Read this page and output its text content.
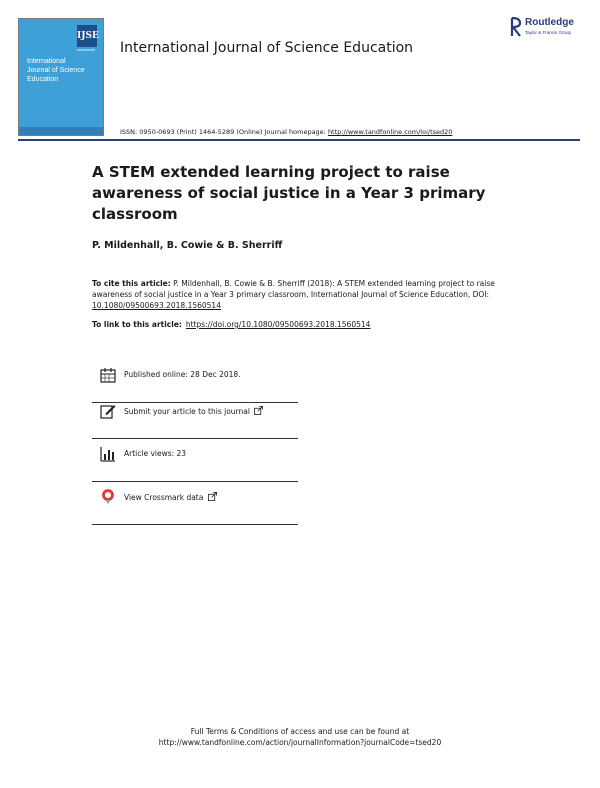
IJSE
International Journal of Science Education
International Journal of Science Education
Routledge
Taylor & Francis Group
ISSN: 0950-0693 (Print) 1464-5289 (Online) Journal homepage: http://www.tandfonline.com/loi/tsed20
A STEM extended learning project to raise awareness of social justice in a Year 3 primary classroom
P. Mildenhall, B. Cowie & B. Sherriff
To cite this article: P. Mildenhall, B. Cowie & B. Sherriff (2018): A STEM extended learning project to raise awareness of social justice in a Year 3 primary classroom, International Journal of Science Education, DOI: 10.1080/09500693.2018.1560514
To link to this article: https://doi.org/10.1080/09500693.2018.1560514
Published online: 28 Dec 2018.
Submit your article to this journal
Article views: 23
View Crossmark data
Full Terms & Conditions of access and use can be found at
http://www.tandfonline.com/action/journalInformation?journalCode=tsed20
